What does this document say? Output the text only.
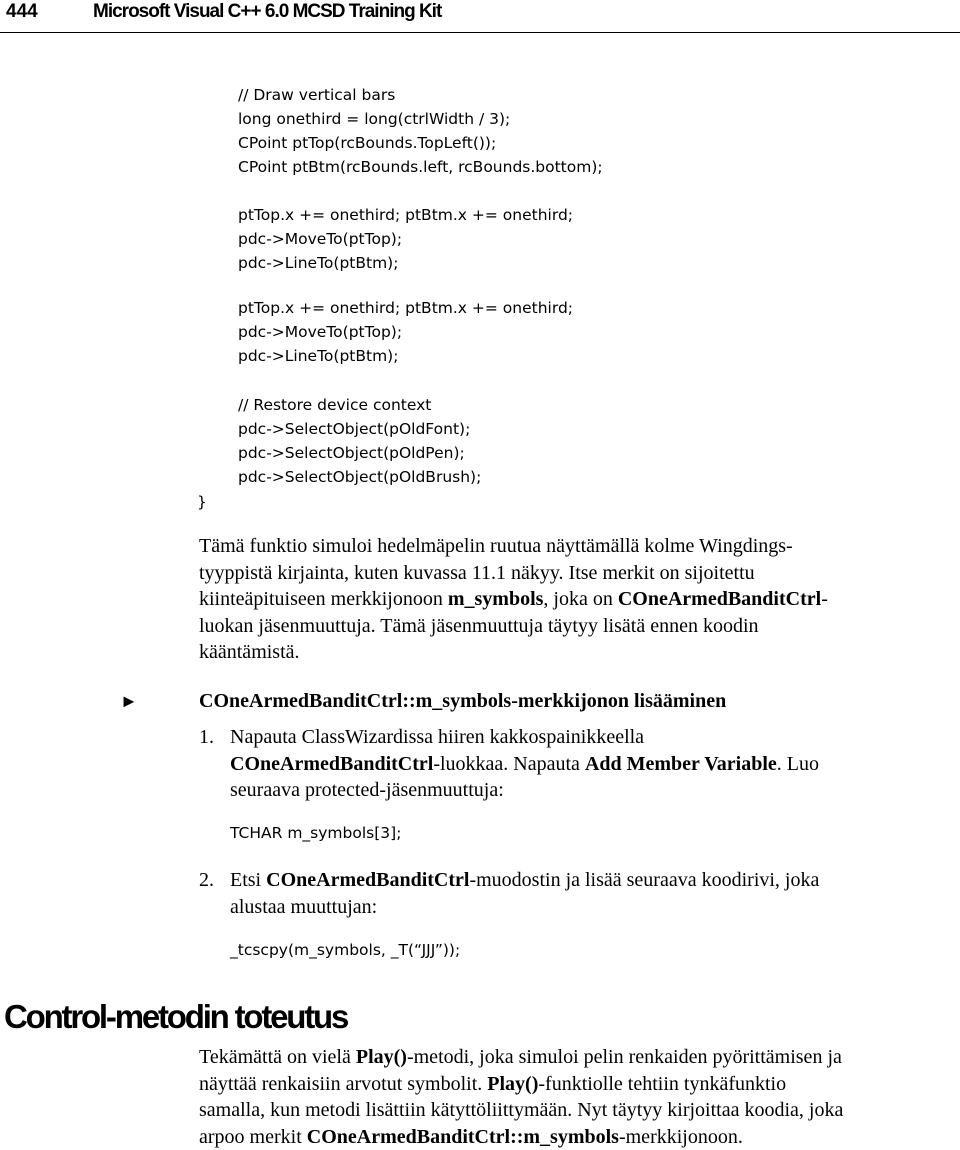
444	Microsoft Visual C++ 6.0 MCSD Training Kit
// Draw vertical bars
long onethird = long(ctrlWidth / 3);
CPoint ptTop(rcBounds.TopLeft());
CPoint ptBtm(rcBounds.left, rcBounds.bottom);
ptTop.x += onethird; ptBtm.x += onethird;
pdc->MoveTo(ptTop);
pdc->LineTo(ptBtm);
ptTop.x += onethird; ptBtm.x += onethird;
pdc->MoveTo(ptTop);
pdc->LineTo(ptBtm);
// Restore device context
pdc->SelectObject(pOldFont);
pdc->SelectObject(pOldPen);
pdc->SelectObject(pOldBrush);
}

Tämä funktio simuloi hedelmäpelin ruutua näyttämällä kolme Wingdings-
tyyppistä kirjainta, kuten kuvassa 11.1 näkyy. Itse merkit on sijoitettu
kiinteäpituiseen merkkijonoon m_symbols, joka on COneArmedBanditCtrl-
luokan jäsenmuuttuja. Tämä jäsenmuuttuja täytyy lisätä ennen koodin
kääntämistä.

►	COneArmedBanditCtrl::m_symbols-merkkijonon lisääminen
1. Napauta ClassWizardissa hiiren kakkospainikkeella
COneArmedBanditCtrl-luokkaa. Napauta Add Member Variable. Luo
seuraava protected-jäsenmuuttuja:
TCHAR m_symbols[3];
2. Etsi COneArmedBanditCtrl-muodostin ja lisää seuraava koodirivi, joka
alustaa muuttujan:
_tcscpy(m_symbols, _T(“JJJ”));
Control-metodin toteutus

Tekämättä on vielä Play()-metodi, joka simuloi pelin renkaiden pyörittämisen ja
näyttää renkaisiin arvotut symbolit. Play()-funktiolle tehtiin tynkäfunktio
samalla, kun metodi lisättiin kätyttöliittymään. Nyt täytyy kirjoittaa koodia, joka
arpoo merkit COneArmedBanditCtrl::m_symbols-merkkijonoon.
